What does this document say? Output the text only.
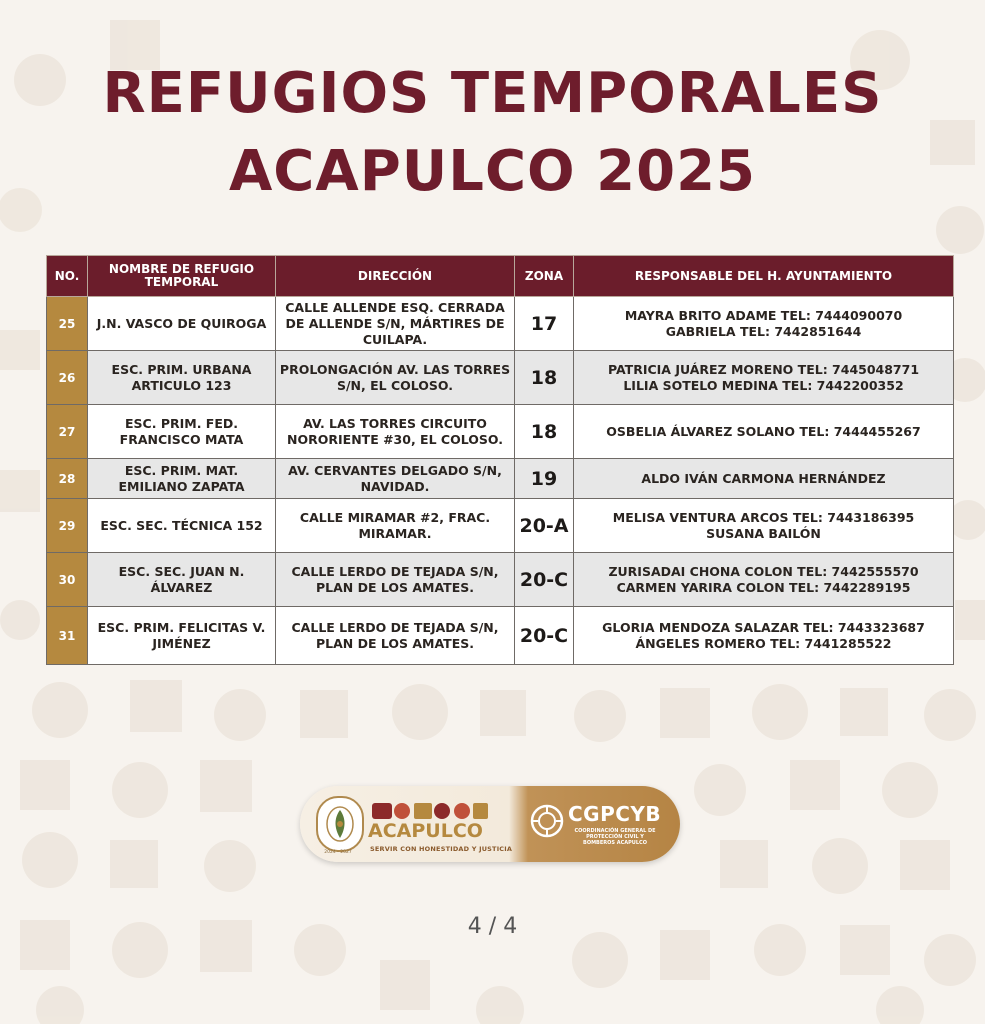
REFUGIOS TEMPORALES
ACAPULCO 2025
NO.	NOMBRE DE REFUGIO TEMPORAL	DIRECCIÓN	ZONA	RESPONSABLE DEL H. AYUNTAMIENTO
25	J.N. VASCO DE QUIROGA	CALLE ALLENDE ESQ. CERRADA DE ALLENDE S/N, MÁRTIRES DE CUILAPA.	17	MAYRA BRITO ADAME TEL: 7444090070
GABRIELA TEL: 7442851644

26	ESC. PRIM. URBANA ARTICULO 123	PROLONGACIÓN AV. LAS TORRES S/N, EL COLOSO.	18	PATRICIA JUÁREZ MORENO TEL: 7445048771
LILIA SOTELO MEDINA TEL: 7442200352

27	ESC. PRIM. FED. FRANCISCO MATA	AV. LAS TORRES CIRCUITO NORORIENTE #30, EL COLOSO.	18	OSBELIA ÁLVAREZ SOLANO TEL: 7444455267

28	ESC. PRIM. MAT. EMILIANO ZAPATA	AV. CERVANTES DELGADO S/N, NAVIDAD.	19	ALDO IVÁN CARMONA HERNÁNDEZ

29	ESC. SEC. TÉCNICA 152	CALLE MIRAMAR #2, FRAC. MIRAMAR.	20-A	MELISA VENTURA ARCOS TEL: 7443186395
SUSANA BAILÓN

30	ESC. SEC. JUAN N. ÁLVAREZ	CALLE LERDO DE TEJADA S/N, PLAN DE LOS AMATES.	20-C	ZURISADAI CHONA COLON TEL: 7442555570
CARMEN YARIRA COLON TEL: 7442289195

31	ESC. PRIM. FELICITAS V. JIMÉNEZ	CALLE LERDO DE TEJADA S/N, PLAN DE LOS AMATES.	20-C	GLORIA MENDOZA SALAZAR TEL: 7443323687
ÁNGELES ROMERO TEL: 7441285522
2024 - 2027
ACAPULCO
SERVIR CON HONESTIDAD Y JUSTICIA
CGPCYB
COORDINACIÓN GENERAL DE PROTECCIÓN CIVIL Y BOMBEROS ACAPULCO
4 / 4
